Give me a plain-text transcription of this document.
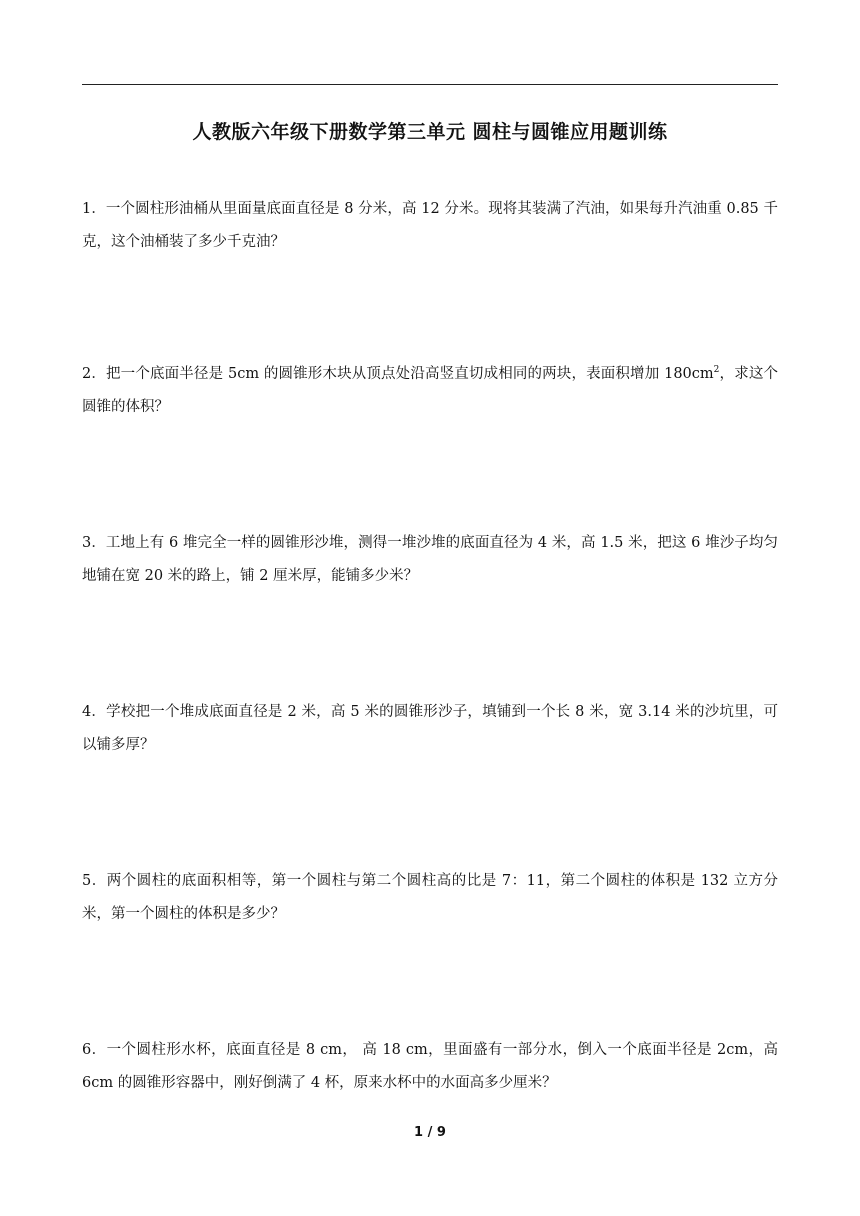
人教版六年级下册数学第三单元 圆柱与圆锥应用题训练
1．一个圆柱形油桶从里面量底面直径是 8 分米，高 12 分米。现将其装满了汽油，如果每升汽油重 0.85 千克，这个油桶装了多少千克油？
2．把一个底面半径是 5cm 的圆锥形木块从顶点处沿高竖直切成相同的两块，表面积增加 $180cm^2$，求这个圆锥的体积？
3．工地上有 6 堆完全一样的圆锥形沙堆，测得一堆沙堆的底面直径为 4 米，高 1.5 米，把这 6 堆沙子均匀地铺在宽 20 米的路上，铺 2 厘米厚，能铺多少米？
4．学校把一个堆成底面直径是 2 米，高 5 米的圆锥形沙子，填铺到一个长 8 米，宽 3.14 米的沙坑里，可以铺多厚？
5．两个圆柱的底面积相等，第一个圆柱与第二个圆柱高的比是 7：11，第二个圆柱的体积是 132 立方分米，第一个圆柱的体积是多少？
6．一个圆柱形水杯，底面直径是 8 cm， 高 18 cm，里面盛有一部分水，倒入一个底面半径是 2cm，高 6cm 的圆锥形容器中，刚好倒满了 4 杯，原来水杯中的水面高多少厘米？
1 / 9
